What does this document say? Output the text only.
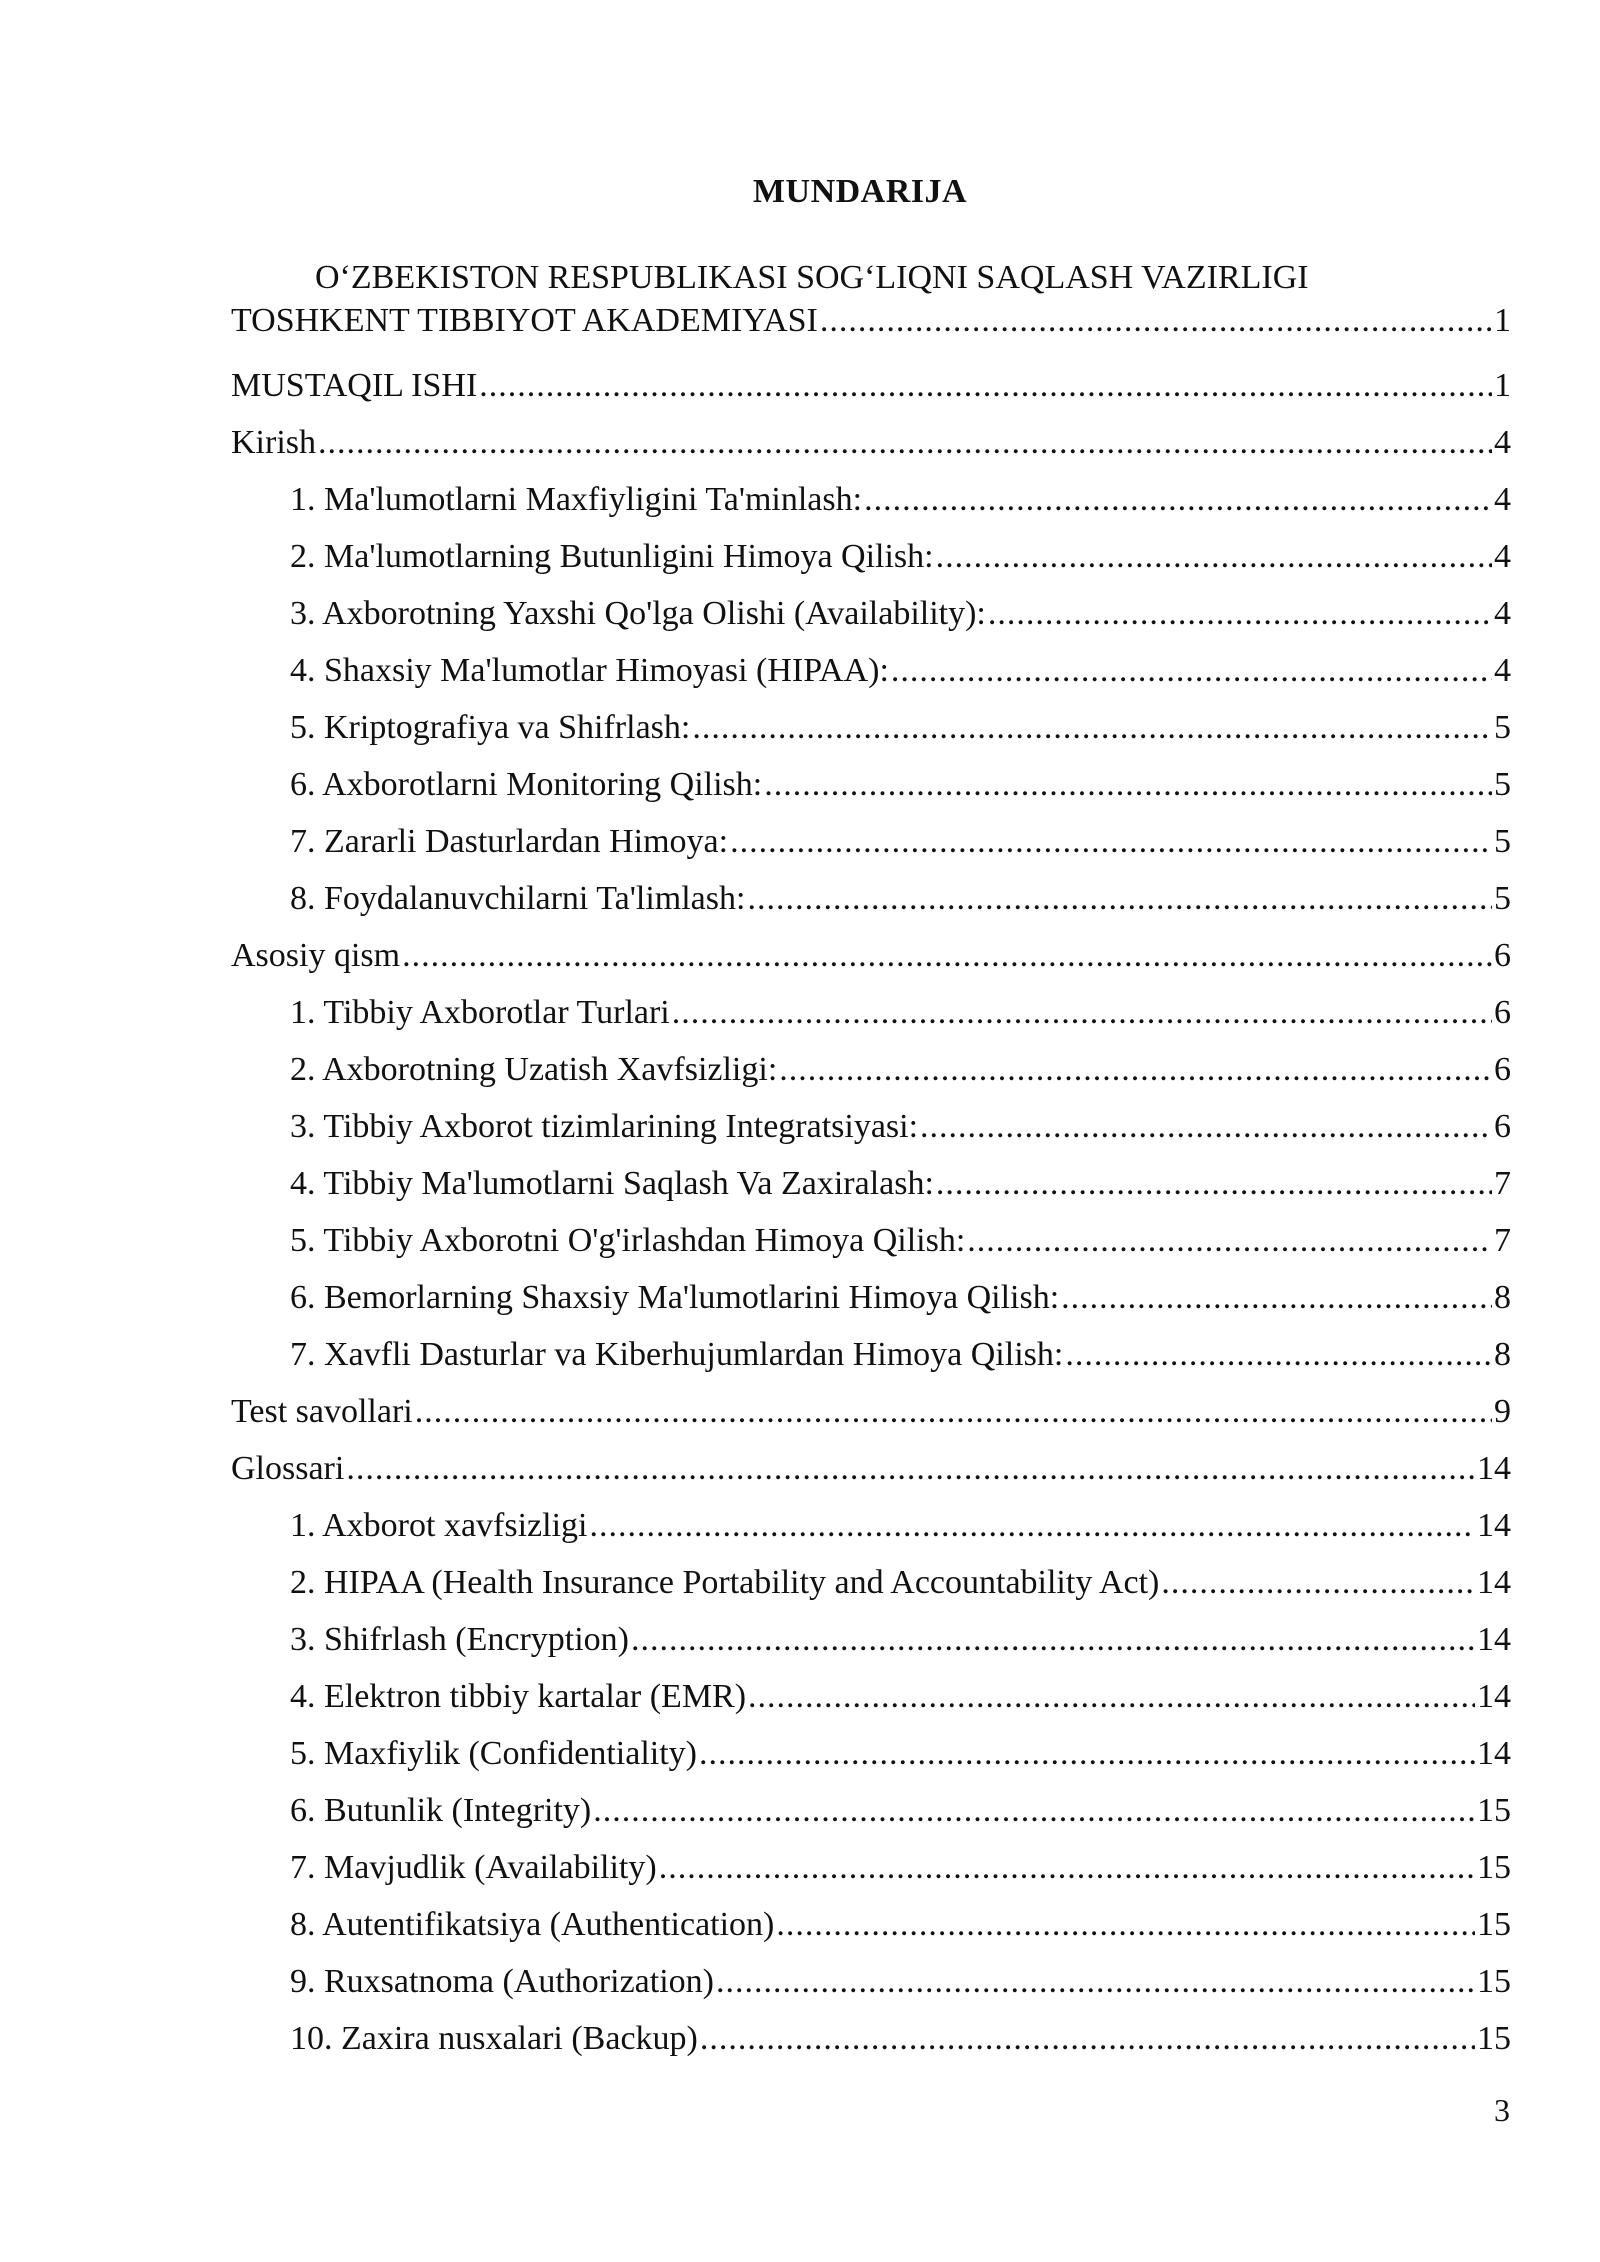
MUNDARIJA
O‘ZBEKISTON RESPUBLIKASI SOG‘LIQNI SAQLASH VAZIRLIGI
TOSHKENT TIBBIYOT AKADEMIYASI .....	1
MUSTAQIL ISHI .....	1
Kirish .....	4
1. Ma'lumotlarni Maxfiyligini Ta'minlash: .....	4
2. Ma'lumotlarning Butunligini Himoya Qilish: .....	4
3. Axborotning Yaxshi Qo'lga Olishi (Availability): .....	4
4. Shaxsiy Ma'lumotlar Himoyasi (HIPAA): .....	4
5. Kriptografiya va Shifrlash: .....	5
6. Axborotlarni Monitoring Qilish: .....	5
7. Zararli Dasturlardan Himoya: .....	5
8. Foydalanuvchilarni Ta'limlash: .....	5
Asosiy qism .....	6
1. Tibbiy Axborotlar Turlari .....	6
2. Axborotning Uzatish Xavfsizligi: .....	6
3. Tibbiy Axborot tizimlarining Integratsiyasi: .....	6
4. Tibbiy Ma'lumotlarni Saqlash Va Zaxiralash: .....	7
5. Tibbiy Axborotni O'g'irlashdan Himoya Qilish: .....	7
6. Bemorlarning Shaxsiy Ma'lumotlarini Himoya Qilish: .....	8
7. Xavfli Dasturlar va Kiberhujumlardan Himoya Qilish: .....	8
Test savollari .....	9
Glossari .....	14
1. Axborot xavfsizligi .....	14
2. HIPAA (Health Insurance Portability and Accountability Act) .....	14
3. Shifrlash (Encryption) .....	14
4. Elektron tibbiy kartalar (EMR) .....	14
5. Maxfiylik (Confidentiality) .....	14
6. Butunlik (Integrity) .....	15
7. Mavjudlik (Availability) .....	15
8. Autentifikatsiya (Authentication) .....	15
9. Ruxsatnoma (Authorization) .....	15
10. Zaxira nusxalari (Backup) .....	15
3
